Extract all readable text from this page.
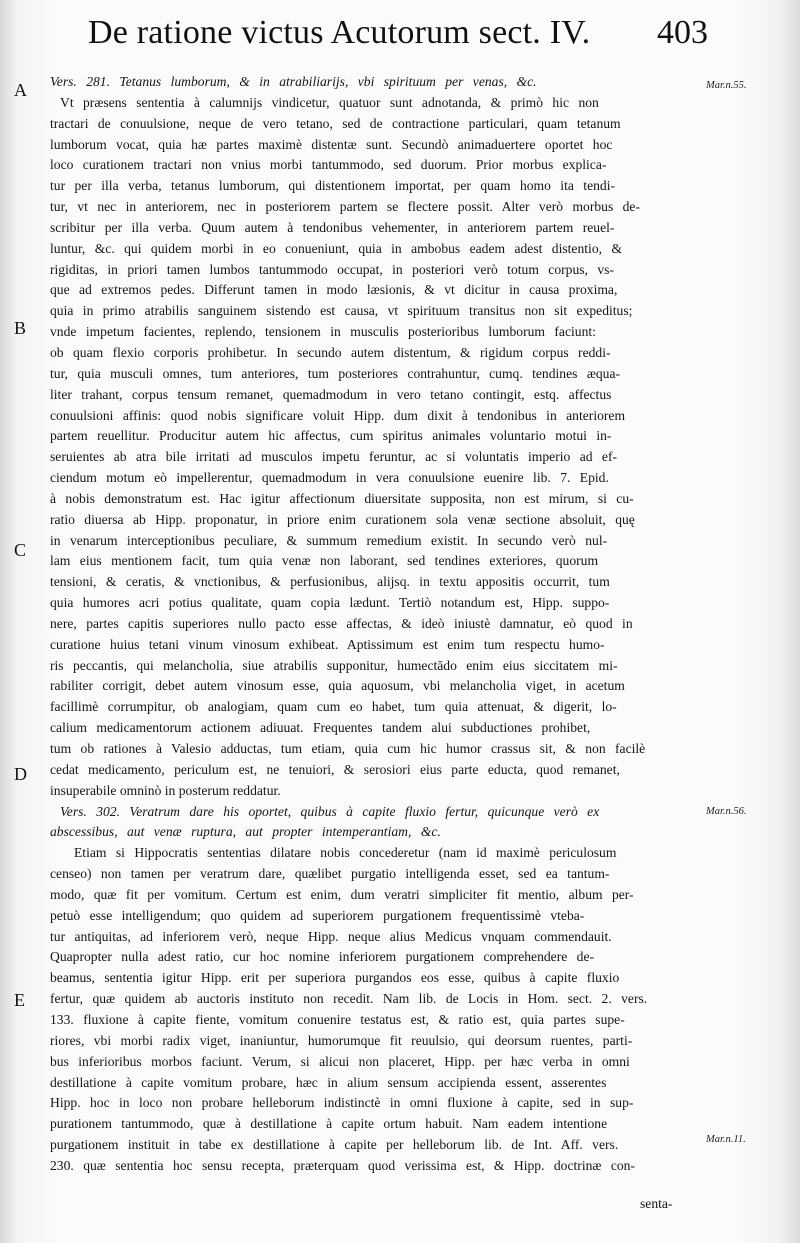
De ratione victus Acutorum sect. IV. 403
A
B
C
D
E
Mar.n.55.
Mar.n.56.
Mar.n.11.

Vers. 281. Tetanus lumborum, & in atrabiliarijs, vbi spirituum per venas, &c.

Vt præsens sententia à calumnijs vindicetur, quatuor sunt adnotanda, & primò hic non
tractari de conuulsione, neque de vero tetano, sed de contractione particulari, quam tetanum
lumborum vocat, quia hæ partes maximè distentæ sunt. Secundò animaduertere oportet hoc
loco curationem tractari non vnius morbi tantummodo, sed duorum. Prior morbus explica-
tur per illa verba, tetanus lumborum, qui distentionem importat, per quam homo ita tendi-
tur, vt nec in anteriorem, nec in posteriorem partem se flectere possit. Alter verò morbus de-
scribitur per illa verba. Quum autem à tendonibus vehementer, in anteriorem partem reuel-
luntur, &c. qui quidem morbi in eo conueniunt, quia in ambobus eadem adest distentio, &
rigiditas, in priori tamen lumbos tantummodo occupat, in posteriori verò totum corpus, vs-
que ad extremos pedes. Differunt tamen in modo læsionis, & vt dicitur in causa proxima,
quia in primo atrabilis sanguinem sistendo est causa, vt spirituum transitus non sit expeditus;
vnde impetum facientes, replendo, tensionem in musculis posterioribus lumborum faciunt:
ob quam flexio corporis prohibetur. In secundo autem distentum, & rigidum corpus reddi-
tur, quia musculi omnes, tum anteriores, tum posteriores contrahuntur, cumq. tendines æqua-
liter trahant, corpus tensum remanet, quemadmodum in vero tetano contingit, estq. affectus
conuulsioni affinis: quod nobis significare voluit Hipp. dum dixit à tendonibus in anteriorem
partem reuellitur. Producitur autem hic affectus, cum spiritus animales voluntario motui in-
seruientes ab atra bile irritati ad musculos impetu feruntur, ac si voluntatis imperio ad ef-
ciendum motum eò impellerentur, quemadmodum in vera conuulsione euenire lib. 7. Epid.
à nobis demonstratum est. Hac igitur affectionum diuersitate supposita, non est mirum, si cu-
ratio diuersa ab Hipp. proponatur, in priore enim curationem sola venæ sectione absoluit, quę
in venarum interceptionibus peculiare, & summum remedium existit. In secundo verò nul-
lam eius mentionem facit, tum quia venæ non laborant, sed tendines exteriores, quorum
tensioni, & ceratis, & vnctionibus, & perfusionibus, alijsq. in textu appositis occurrit, tum
quia humores acri potius qualitate, quam copia lædunt. Tertiò notandum est, Hipp. suppo-
nere, partes capitis superiores nullo pacto esse affectas, & ideò iniustè damnatur, eò quod in
curatione huius tetani vinum vinosum exhibeat. Aptissimum est enim tum respectu humo-
ris peccantis, qui melancholia, siue atrabilis supponitur, humectādo enim eius siccitatem mi-
rabiliter corrigit, debet autem vinosum esse, quia aquosum, vbi melancholia viget, in acetum
facillimè corrumpitur, ob analogiam, quam cum eo habet, tum quia attenuat, & digerit, lo-
calium medicamentorum actionem adiuuat. Frequentes tandem alui subductiones prohibet,
tum ob rationes à Valesio adductas, tum etiam, quia cum hic humor crassus sit, & non facilè
cedat medicamento, periculum est, ne tenuiori, & serosiori eius parte educta, quod remanet,
insuperabile omninò in posterum reddatur.

Vers. 302. Veratrum dare his oportet, quibus à capite fluxio fertur, quicunque verò ex
abscessibus, aut venæ ruptura, aut propter intemperantiam, &c.

Etiam si Hippocratis sententias dilatare nobis concederetur (nam id maximè periculosum
censeo) non tamen per veratrum dare, quælibet purgatio intelligenda esset, sed ea tantum-
modo, quæ fit per vomitum. Certum est enim, dum veratri simpliciter fit mentio, album per-
petuò esse intelligendum; quo quidem ad superiorem purgationem frequentissimè vteba-
tur antiquitas, ad inferiorem verò, neque Hipp. neque alius Medicus vnquam commendauit.
Quapropter nulla adest ratio, cur hoc nomine inferiorem purgationem comprehendere de-
beamus, sententia igitur Hipp. erit per superiora purgandos eos esse, quibus à capite fluxio
fertur, quæ quidem ab auctoris instituto non recedit. Nam lib. de Locis in Hom. sect. 2. vers.
133. fluxione à capite fiente, vomitum conuenire testatus est, & ratio est, quia partes supe-
riores, vbi morbi radix viget, inaniuntur, humorumque fit reuulsio, qui deorsum ruentes, parti-
bus inferioribus morbos faciunt. Verum, si alicui non placeret, Hipp. per hæc verba in omni
destillatione à capite vomitum probare, hæc in alium sensum accipienda essent, asserentes
Hipp. hoc in loco non probare helleborum indistinctè in omni fluxione à capite, sed in sup-
purationem tantummodo, quæ à destillatione à capite ortum habuit. Nam eadem intentione
purgationem instituit in tabe ex destillatione à capite per helleborum lib. de Int. Aff. vers.
230. quæ sententia hoc sensu recepta, præterquam quod verissima est, & Hipp. doctrinæ con-

senta-
